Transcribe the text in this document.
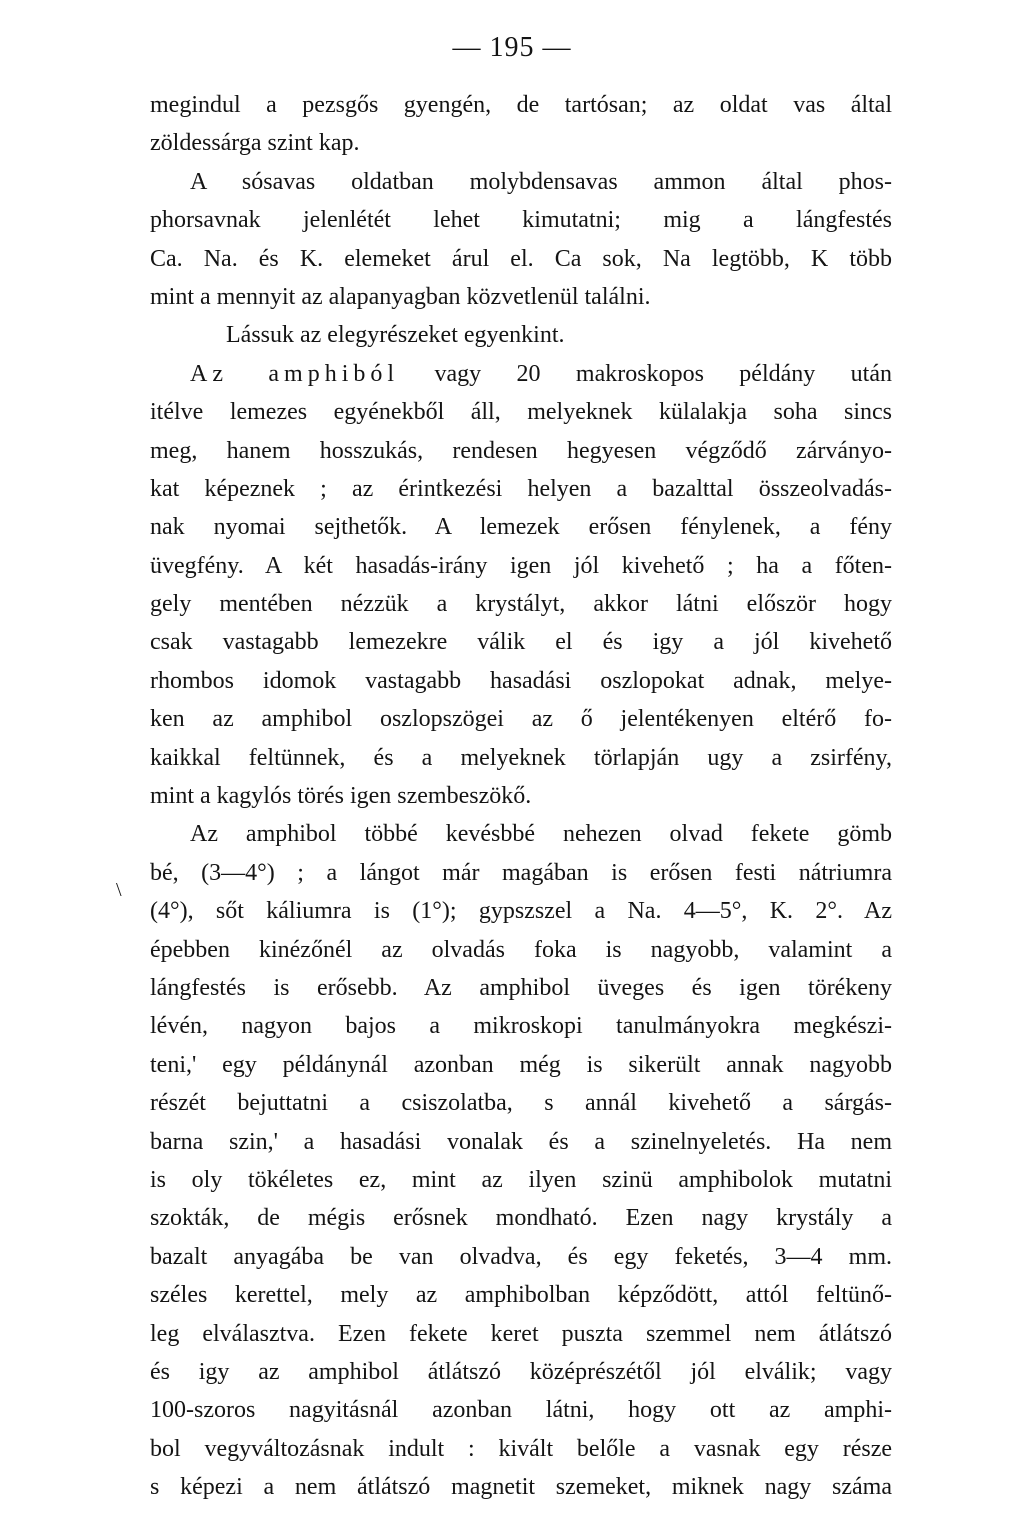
— 195 —
\
megindul a pezsgős gyengén, de tartósan; az oldat vas által
zöldessárga szint kap.
A sósavas oldatban molybdensavas ammon által phos-
phorsavnak jelenlétét lehet kimutatni; mig a lángfestés
Ca. Na. és K. elemeket árul el. Ca sok, Na legtöbb, K több
mint a mennyit az alapanyagban közvetlenül találni.
Lássuk az elegyrészeket egyenkint.
Az amphiból vagy 20 makroskopos példány után
itélve lemezes egyénekből áll, melyeknek külalakja soha sincs
meg, hanem hosszukás, rendesen hegyesen végződő zárványo-
kat képeznek ; az érintkezési helyen a bazalttal összeolvadás-
nak nyomai sejthetők. A lemezek erősen fénylenek, a fény
üvegfény. A két hasadás-irány igen jól kivehető ; ha a főten-
gely mentében nézzük a krystályt, akkor látni először hogy
csak vastagabb lemezekre válik el és igy a jól kivehető
rhombos idomok vastagabb hasadási oszlopokat adnak, melye-
ken az amphibol oszlopszögei az ő jelentékenyen eltérő fo-
kaikkal feltünnek, és a melyeknek törlapján ugy a zsirfény,
mint a kagylós törés igen szembeszökő.
Az amphibol többé kevésbbé nehezen olvad fekete gömb
bé, (3—4°) ; a lángot már magában is erősen festi nátriumra
(4°), sőt káliumra is (1°); gypszszel a Na. 4—5°, K. 2°. Az
épebben kinézőnél az olvadás foka is nagyobb, valamint a
lángfestés is erősebb. Az amphibol üveges és igen törékeny
lévén, nagyon bajos a mikroskopi tanulmányokra megkészi-
teni,' egy példánynál azonban még is sikerült annak nagyobb
részét bejuttatni a csiszolatba, s annál kivehető a sárgás-
barna szin,' a hasadási vonalak és a szinelnyeletés. Ha nem
is oly tökéletes ez, mint az ilyen szinü amphibolok mutatni
szokták, de mégis erősnek mondható. Ezen nagy krystály a
bazalt anyagába be van olvadva, és egy feketés, 3—4 mm.
széles kerettel, mely az amphibolban képződött, attól feltünő-
leg elválasztva. Ezen fekete keret puszta szemmel nem átlátszó
és igy az amphibol átlátszó középrészétől jól elválik; vagy
100-szoros nagyitásnál azonban látni, hogy ott az amphi-
bol vegyváltozásnak indult : kivált belőle a vasnak egy része
s képezi a nem átlátszó magnetit szemeket, miknek nagy száma
